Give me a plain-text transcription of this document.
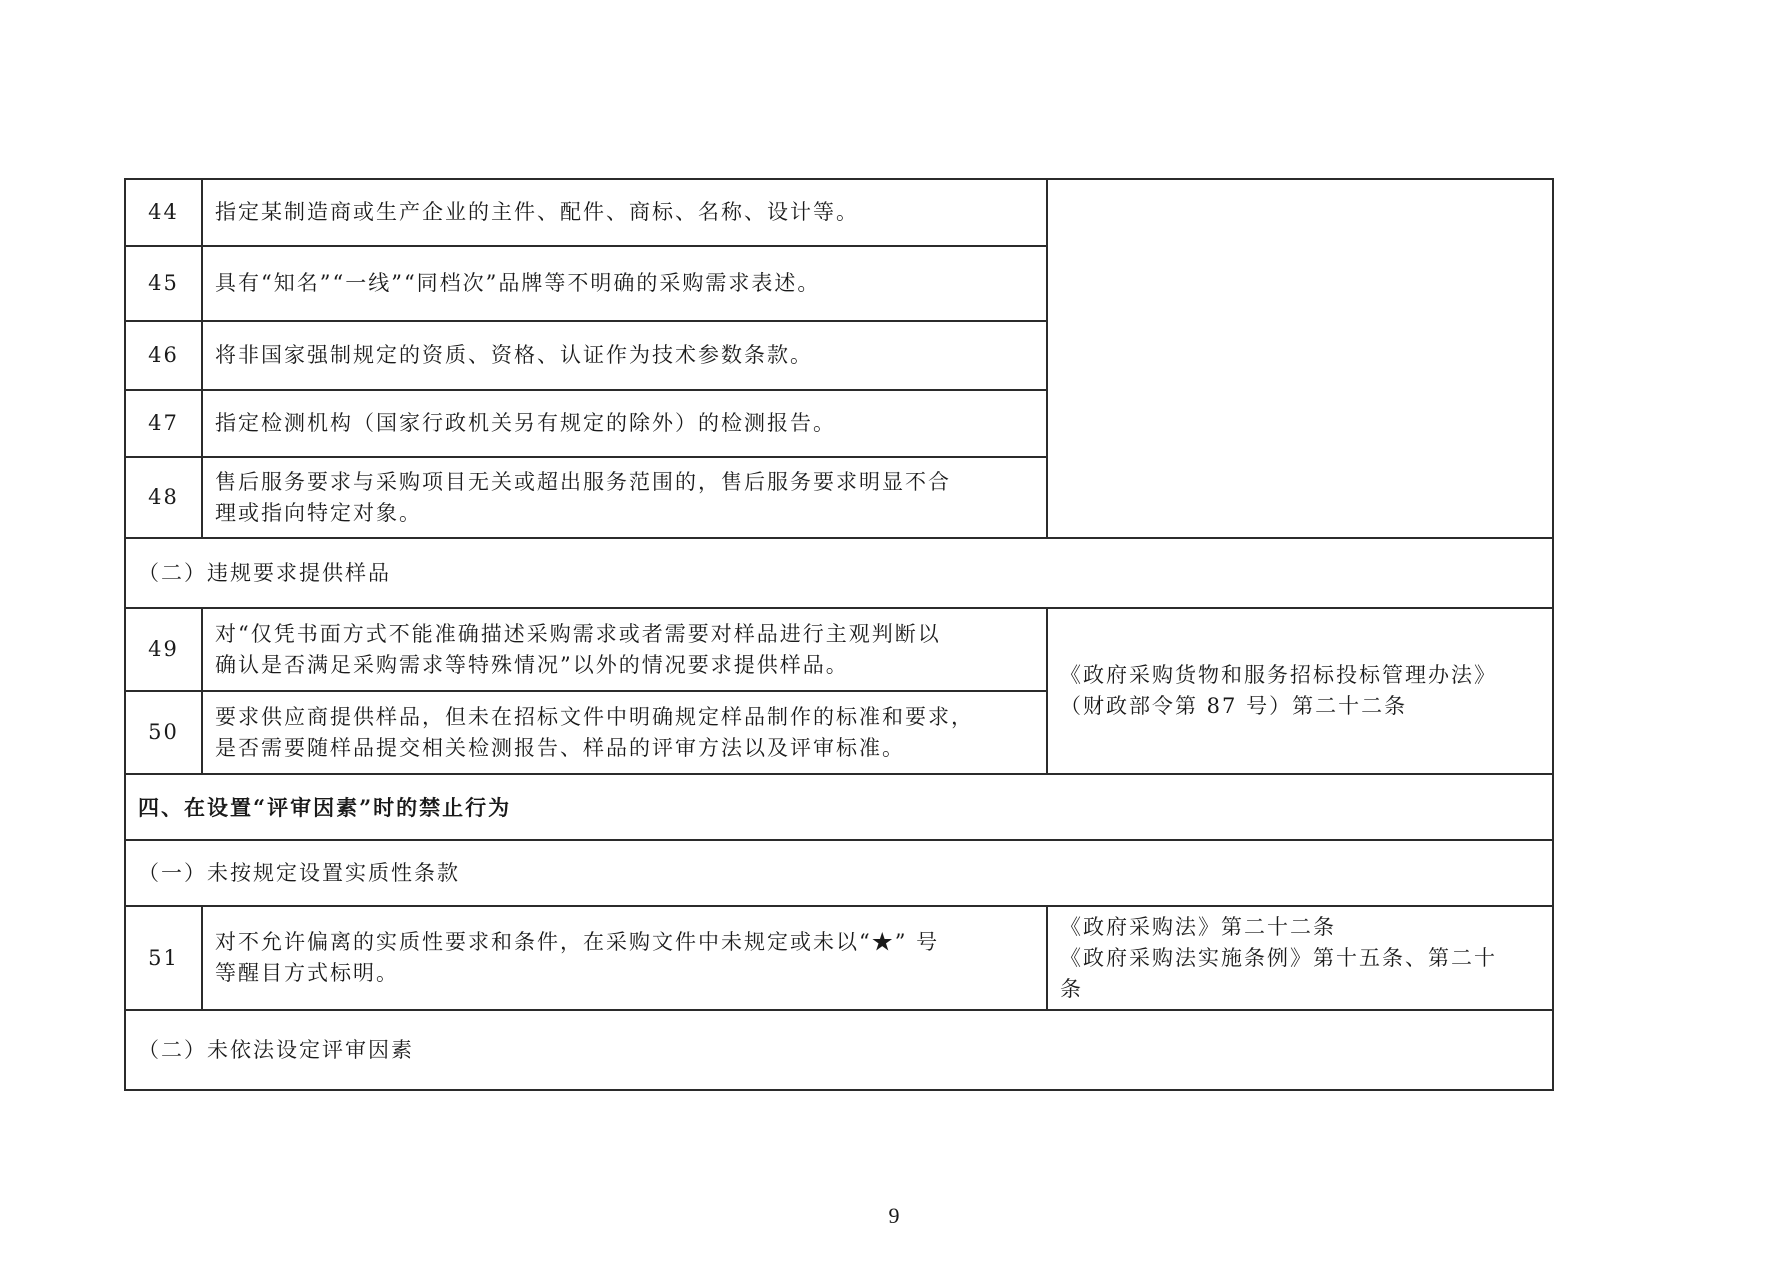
44	指定某制造商或生产企业的主件、配件、商标、名称、设计等。	
45	具有“知名”“一线”“同档次”品牌等不明确的采购需求表述。	
46	将非国家强制规定的资质、资格、认证作为技术参数条款。	
47	指定检测机构（国家行政机关另有规定的除外）的检测报告。	
48	售后服务要求与采购项目无关或超出服务范围的，售后服务要求明显不合
理或指向特定对象。	

（二）违规要求提供样品		
49	对“仅凭书面方式不能准确描述采购需求或者需要对样品进行主观判断以
确认是否满足采购需求等特殊情况”以外的情况要求提供样品。	《政府采购货物和服务招标投标管理办法》
（财政部令第 87 号）第二十二条

50	要求供应商提供样品，但未在招标文件中明确规定样品制作的标准和要求，
是否需要随样品提交相关检测报告、样品的评审方法以及评审标准。	

四、在设置“评审因素”时的禁止行为		
（一）未按规定设置实质性条款		
51	对不允许偏离的实质性要求和条件，在采购文件中未规定或未以“★” 号
等醒目方式标明。	《政府采购法》第二十二条
《政府采购法实施条例》第十五条、第二十
条

（二）未依法设定评审因素		
9
